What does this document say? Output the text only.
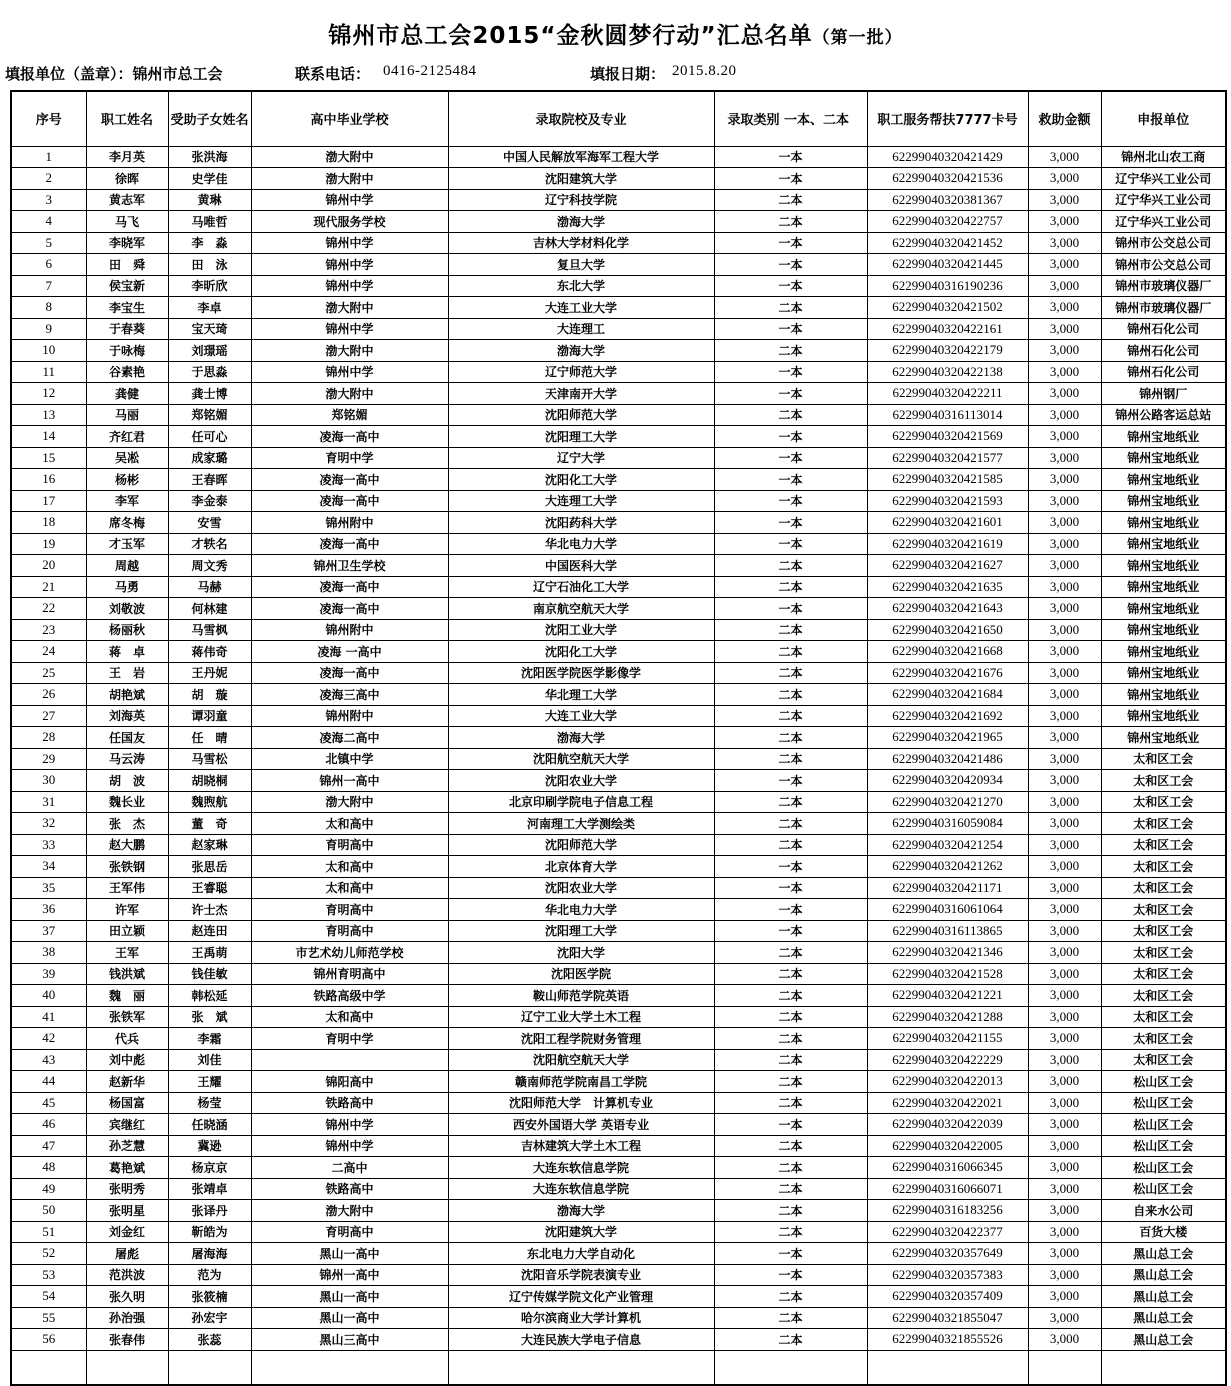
锦州市总工会2015“金秋圆梦行动”汇总名单（第一批）
填报单位（盖章）：锦州市总工会	联系电话： 0416-2125484	填报日期： 2015.8.20
序号	职工姓名	受助子女姓名	高中毕业学校	录取院校及专业	录取类别 一本、二本	职工服务帮扶7777卡号	救助金额	申报单位
1	李月英	张洪海	渤大附中	中国人民解放军海军工程大学	一本	62299040320421429	3,000	锦州北山农工商
2	徐晖	史学佳	渤大附中	沈阳建筑大学	一本	62299040320421536	3,000	辽宁华兴工业公司
3	黄志军	黄琳	锦州中学	辽宁科技学院	二本	62299040320381367	3,000	辽宁华兴工业公司
4	马飞	马唯哲	现代服务学校	渤海大学	二本	62299040320422757	3,000	辽宁华兴工业公司
5	李晓军	李　淼	锦州中学	吉林大学材料化学	一本	62299040320421452	3,000	锦州市公交总公司
6	田　舜	田　泳	锦州中学	复旦大学	一本	62299040320421445	3,000	锦州市公交总公司
7	侯宝新	李昕欣	锦州中学	东北大学	一本	62299040316190236	3,000	锦州市玻璃仪器厂
8	李宝生	李卓	渤大附中	大连工业大学	二本	62299040320421502	3,000	锦州市玻璃仪器厂
9	于春葵	宝天琦	锦州中学	大连理工	一本	62299040320422161	3,000	锦州石化公司
10	于咏梅	刘璟瑶	渤大附中	渤海大学	二本	62299040320422179	3,000	锦州石化公司
11	谷素艳	于思淼	锦州中学	辽宁师范大学	一本	62299040320422138	3,000	锦州石化公司
12	龚健	龚士博	渤大附中	天津南开大学	一本	62299040320422211	3,000	锦州钢厂
13	马丽	郑铭媚	郑铭媚	沈阳师范大学	二本	62299040316113014	3,000	锦州公路客运总站
14	齐红君	任可心	凌海一高中	沈阳理工大学	一本	62299040320421569	3,000	锦州宝地纸业
15	吴凇	成家璐	育明中学	辽宁大学	一本	62299040320421577	3,000	锦州宝地纸业
16	杨彬	王春晖	凌海一高中	沈阳化工大学	一本	62299040320421585	3,000	锦州宝地纸业
17	李军	李金泰	凌海一高中	大连理工大学	一本	62299040320421593	3,000	锦州宝地纸业
18	席冬梅	安雪	锦州附中	沈阳药科大学	一本	62299040320421601	3,000	锦州宝地纸业
19	才玉军	才轶名	凌海一高中	华北电力大学	一本	62299040320421619	3,000	锦州宝地纸业
20	周越	周文秀	锦州卫生学校	中国医科大学	二本	62299040320421627	3,000	锦州宝地纸业
21	马勇	马赫	凌海一高中	辽宁石油化工大学	二本	62299040320421635	3,000	锦州宝地纸业
22	刘敬波	何林建	凌海一高中	南京航空航天大学	一本	62299040320421643	3,000	锦州宝地纸业
23	杨丽秋	马雪枫	锦州附中	沈阳工业大学	二本	62299040320421650	3,000	锦州宝地纸业
24	蒋　卓	蒋伟奇	凌海 一高中	沈阳化工大学	二本	62299040320421668	3,000	锦州宝地纸业
25	王　岩	王丹妮	凌海一高中	沈阳医学院医学影像学	二本	62299040320421676	3,000	锦州宝地纸业
26	胡艳斌	胡　璇	凌海三高中	华北理工大学	二本	62299040320421684	3,000	锦州宝地纸业
27	刘海英	谭羽童	锦州附中	大连工业大学	二本	62299040320421692	3,000	锦州宝地纸业
28	任国友	任　晴	凌海二高中	渤海大学	二本	62299040320421965	3,000	锦州宝地纸业
29	马云涛	马雪松	北镇中学	沈阳航空航天大学	二本	62299040320421486	3,000	太和区工会
30	胡　波	胡晓桐	锦州一高中	沈阳农业大学	一本	62299040320420934	3,000	太和区工会
31	魏长业	魏煦航	渤大附中	北京印刷学院电子信息工程	二本	62299040320421270	3,000	太和区工会
32	张　杰	董　奇	太和高中	河南理工大学测绘类	二本	62299040316059084	3,000	太和区工会
33	赵大鹏	赵家琳	育明高中	沈阳师范大学	二本	62299040320421254	3,000	太和区工会
34	张铁钢	张思岳	太和高中	北京体育大学	一本	62299040320421262	3,000	太和区工会
35	王军伟	王睿聪	太和高中	沈阳农业大学	一本	62299040320421171	3,000	太和区工会
36	许军	许士杰	育明高中	华北电力大学	一本	62299040316061064	3,000	太和区工会
37	田立颖	赵连田	育明高中	沈阳理工大学	一本	62299040316113865	3,000	太和区工会
38	王军	王禹萌	市艺术幼儿师范学校	沈阳大学	二本	62299040320421346	3,000	太和区工会
39	钱洪斌	钱佳敏	锦州育明高中	沈阳医学院	二本	62299040320421528	3,000	太和区工会
40	魏　丽	韩松延	铁路高级中学	鞍山师范学院英语	二本	62299040320421221	3,000	太和区工会
41	张铁军	张　斌	太和高中	辽宁工业大学土木工程	二本	62299040320421288	3,000	太和区工会
42	代兵	李霜	育明中学	沈阳工程学院财务管理	二本	62299040320421155	3,000	太和区工会
43	刘中彪	刘佳		沈阳航空航天大学	二本	62299040320422229	3,000	太和区工会
44	赵新华	王耀	锦阳高中	赣南师范学院南昌工学院	二本	62299040320422013	3,000	松山区工会
45	杨国富	杨莹	铁路高中	沈阳师范大学　计算机专业	二本	62299040320422021	3,000	松山区工会
46	宾继红	任晓涵	锦州中学	西安外国语大学 英语专业	一本	62299040320422039	3,000	松山区工会
47	孙芝慧	冀逊	锦州中学	吉林建筑大学土木工程	二本	62299040320422005	3,000	松山区工会
48	葛艳斌	杨京京	二高中	大连东软信息学院	二本	62299040316066345	3,000	松山区工会
49	张明秀	张靖卓	铁路高中	大连东软信息学院	二本	62299040316066071	3,000	松山区工会
50	张明星	张译丹	渤大附中	渤海大学	二本	62299040316183256	3,000	自来水公司
51	刘金红	靳皓为	育明高中	沈阳建筑大学	二本	62299040320422377	3,000	百货大楼
52	屠彪	屠海海	黑山一高中	东北电力大学自动化	一本	62299040320357649	3,000	黑山总工会
53	范洪波	范为	锦州一高中	沈阳音乐学院表演专业	一本	62299040320357383	3,000	黑山总工会
54	张久明	张筱楠	黑山一高中	辽宁传媒学院文化产业管理	二本	62299040320357409	3,000	黑山总工会
55	孙治强	孙宏宇	黑山一高中	哈尔滨商业大学计算机	二本	62299040321855047	3,000	黑山总工会
56	张春伟	张蕊	黑山三高中	大连民族大学电子信息	二本	62299040321855526	3,000	黑山总工会
